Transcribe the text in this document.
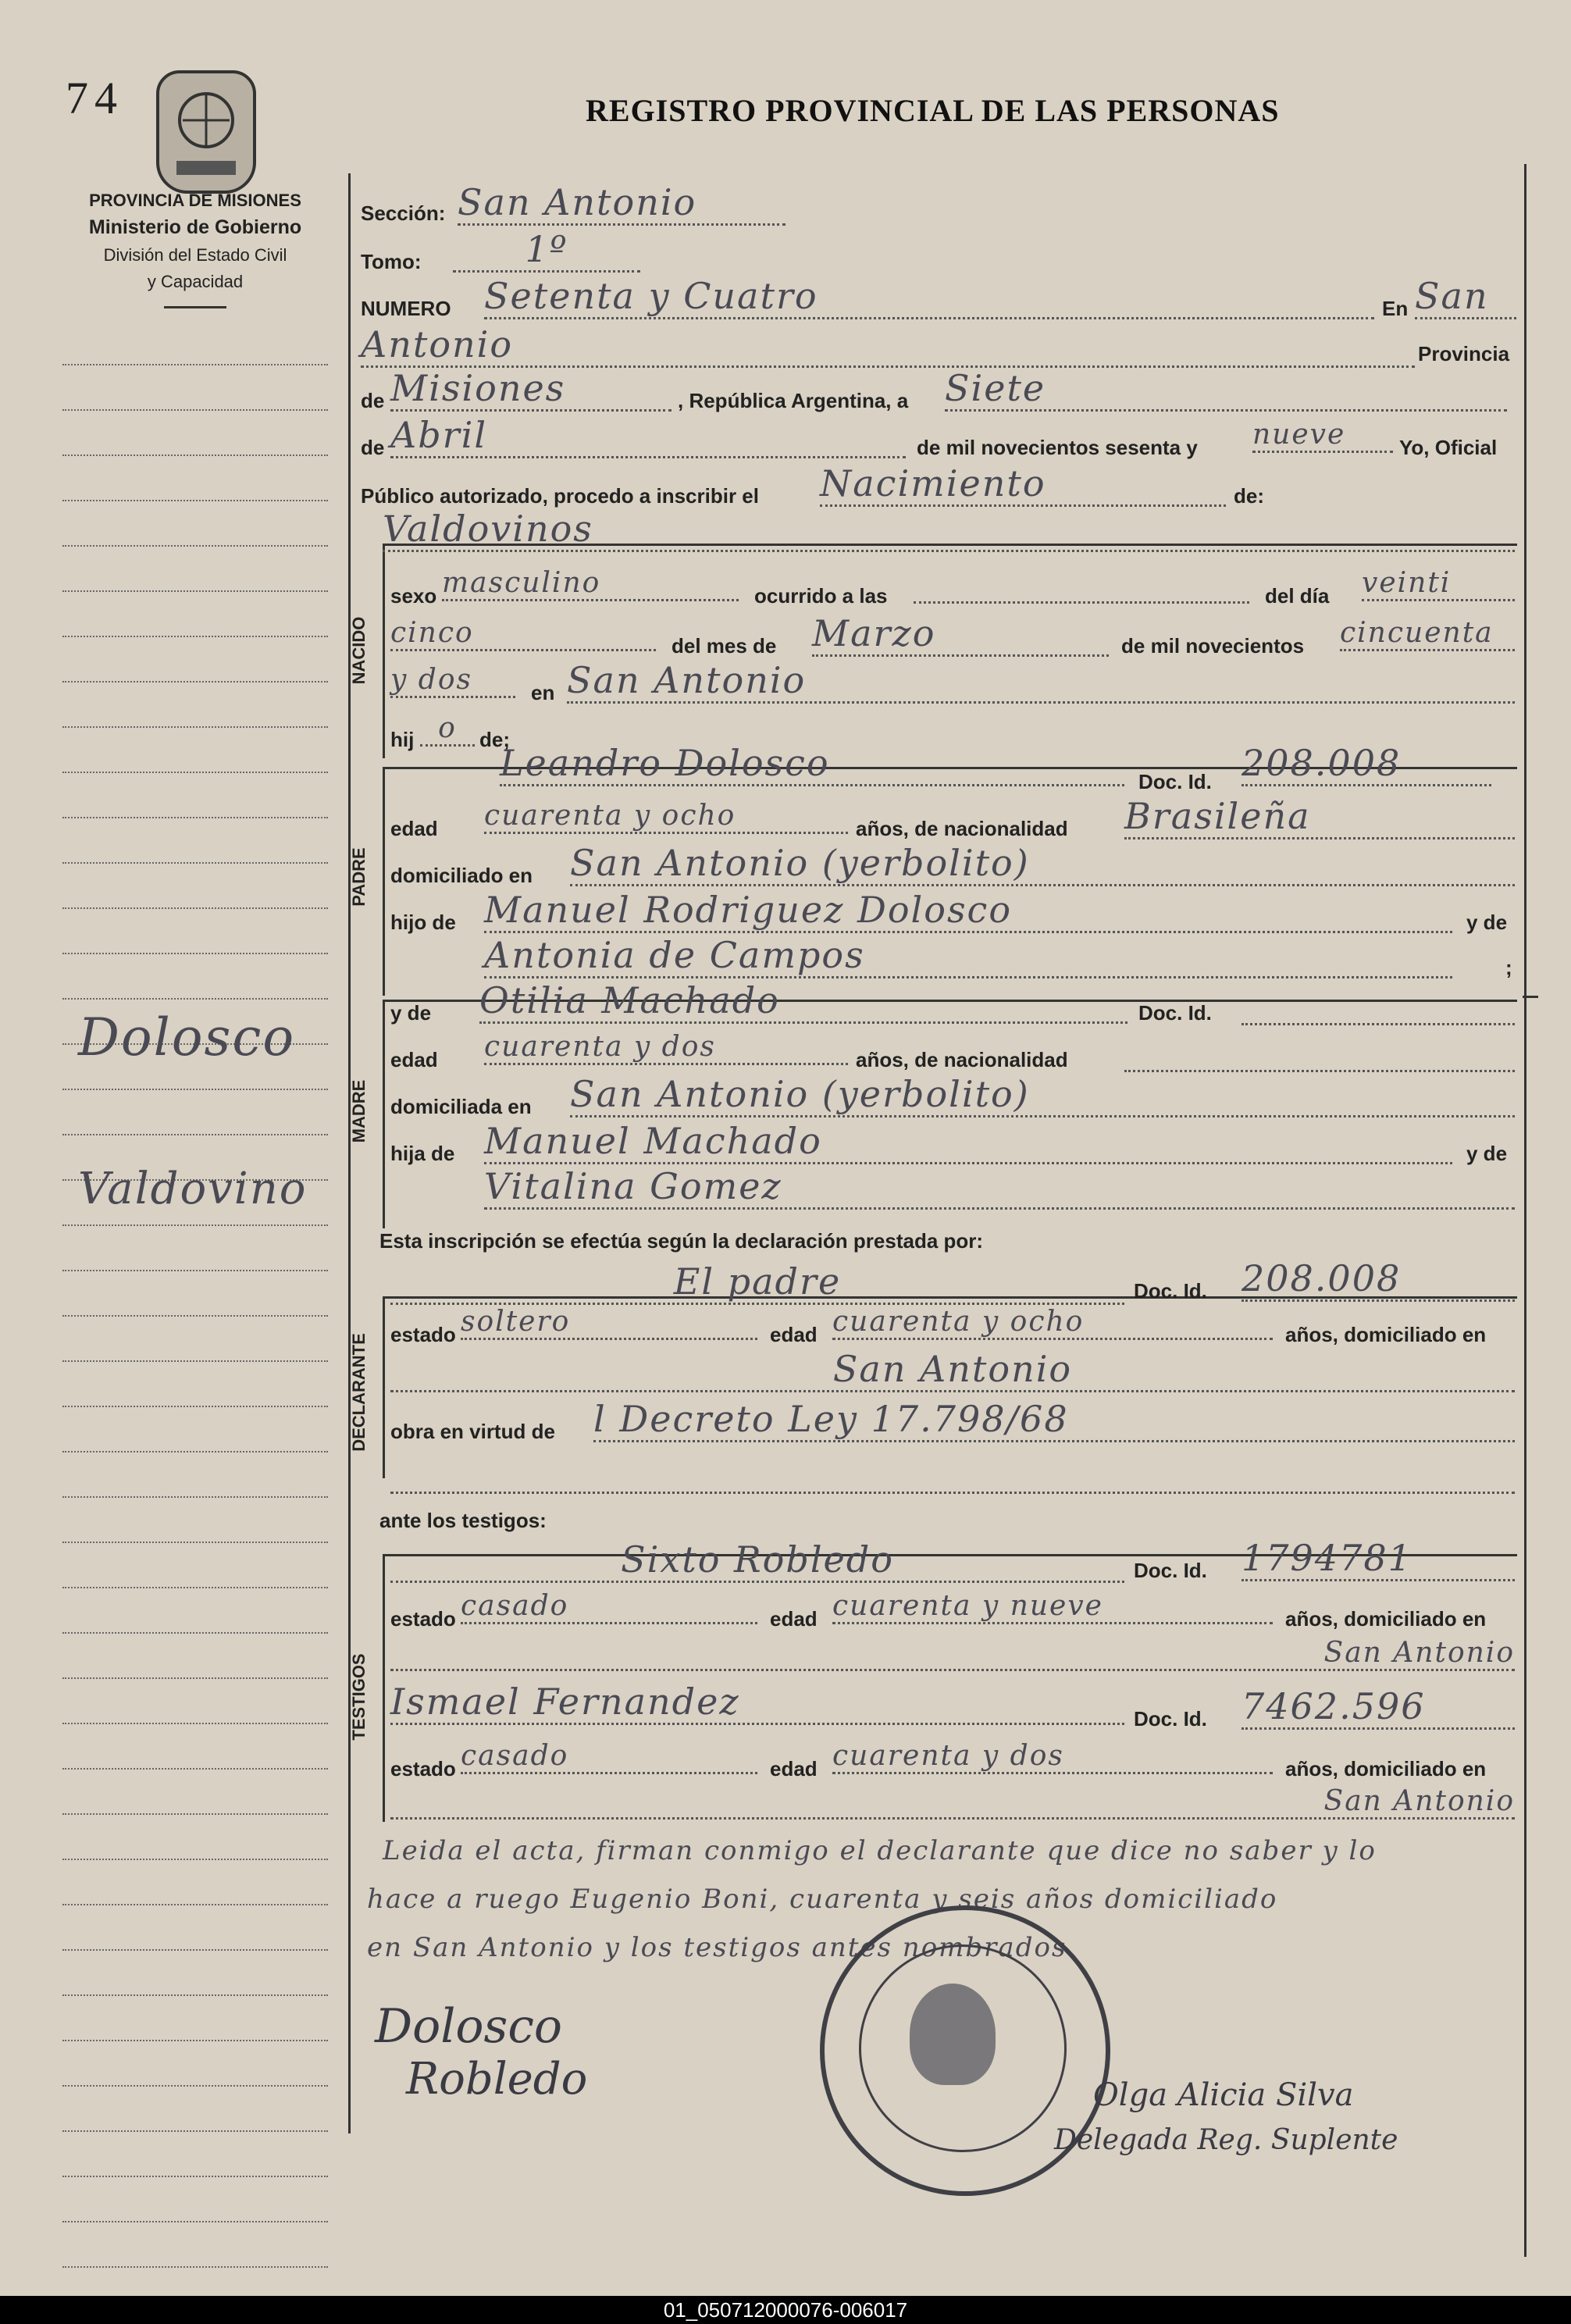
74
PROVINCIA DE MISIONES
Ministerio de Gobierno
División del Estado Civil
y Capacidad
REGISTRO PROVINCIAL DE LAS PERSONAS
Dolosco
Valdovino
NACIDO
PADRE
MADRE
DECLARANTE
TESTIGOS
Sección: San Antonio
Tomo:	1º
NUMERO Setenta y Cuatro	En San
Antonio	Provincia
de Misiones	, República Argentina, a Siete
de Abril	de mil novecientos sesenta y nueve	Yo, Oficial
Público autorizado, procedo a inscribir el Nacimiento	de:
Valdovinos
sexo masculino	ocurrido a las	del día veinti
cinco	del mes de Marzo	de mil novecientos cincuenta
y dos	en San Antonio
hij o	de;
Leandro Dolosco	Doc. Id. 208.008
edad cuarenta y ocho	años, de nacionalidad Brasileña
domiciliado en San Antonio (yerbolito)
hijo de Manuel Rodriguez Dolosco	y de
Antonia de Campos	;
y de Otilia Machado	Doc. Id.
edad cuarenta y dos	años, de nacionalidad
domiciliada en San Antonio (yerbolito)
hija de Manuel Machado	y de
Vitalina Gomez
Esta inscripción se efectúa según la declaración prestada por:
El padre	Doc. Id. 208.008
estado soltero	edad cuarenta y ocho	años, domiciliado en
San Antonio
obra en virtud de l Decreto Ley 17.798/68
ante los testigos:
Sixto Robledo	Doc. Id. 1794781
estado casado	edad cuarenta y nueve	años, domiciliado en
San Antonio
Ismael Fernandez	Doc. Id. 7462.596
estado casado	edad cuarenta y dos	años, domiciliado en
San Antonio
Leida el acta, firman conmigo el declarante que dice no saber y lo
hace a ruego Eugenio Boni, cuarenta y seis años domiciliado
en San Antonio y los testigos antes nombrados.
Dolosco
Robledo	Olga Alicia Silva
Delegada Reg. Suplente
01_050712000076-006017
